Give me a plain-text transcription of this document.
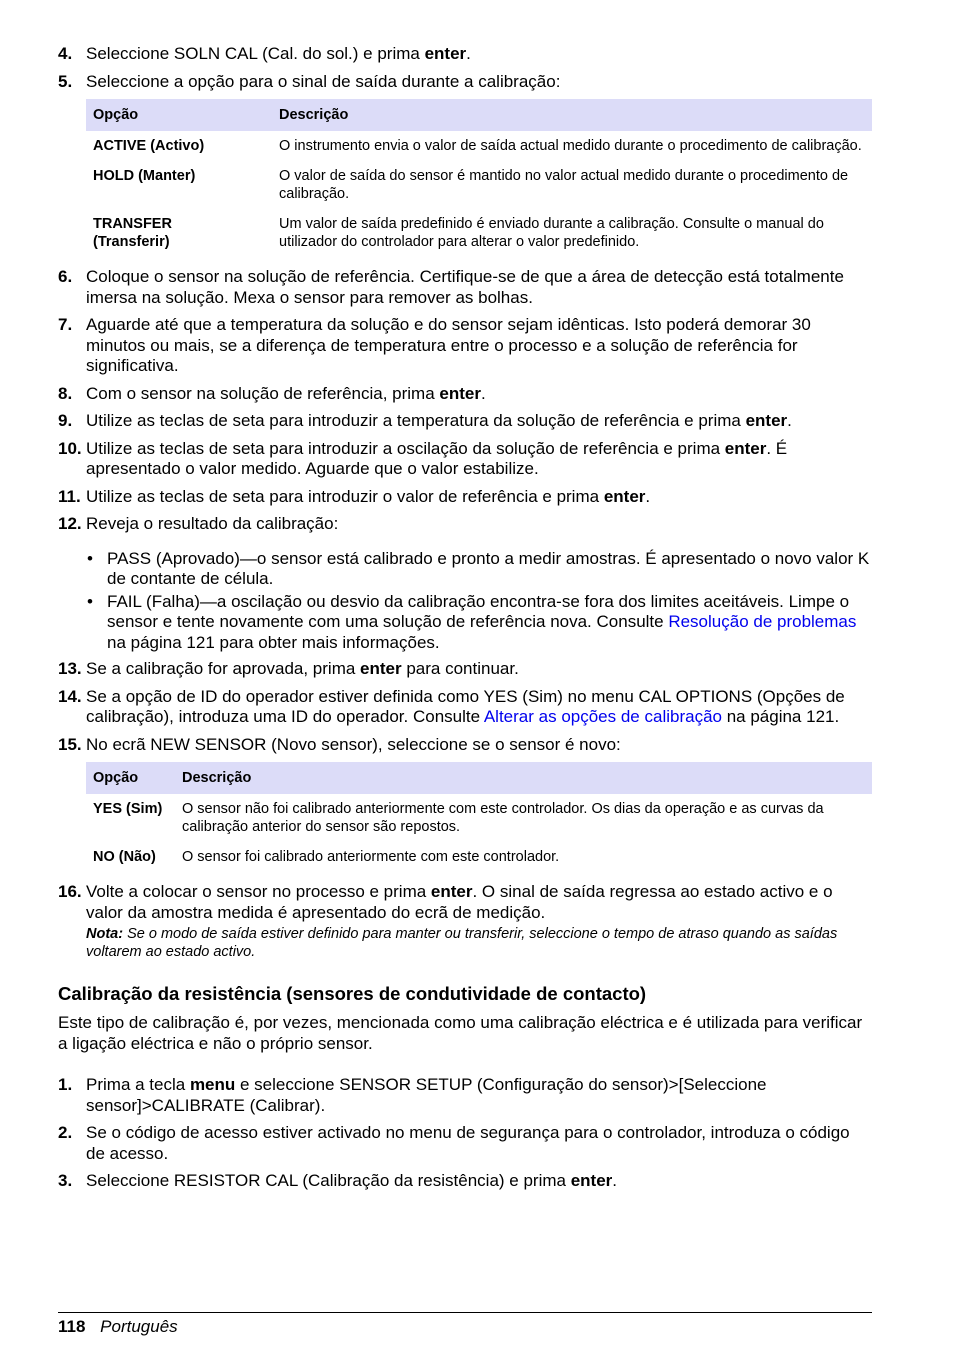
4. Seleccione SOLN CAL (Cal. do sol.) e prima enter.
5. Seleccione a opção para o sinal de saída durante a calibração:
Opção	Descrição
ACTIVE (Activo)	O instrumento envia o valor de saída actual medido durante o procedimento de calibração.
HOLD (Manter)	O valor de saída do sensor é mantido no valor actual medido durante o procedimento de calibração.
TRANSFER (Transferir)	Um valor de saída predefinido é enviado durante a calibração. Consulte o manual do utilizador do controlador para alterar o valor predefinido.
6. Coloque o sensor na solução de referência. Certifique-se de que a área de detecção está totalmente imersa na solução. Mexa o sensor para remover as bolhas.
7. Aguarde até que a temperatura da solução e do sensor sejam idênticas. Isto poderá demorar 30 minutos ou mais, se a diferença de temperatura entre o processo e a solução de referência for significativa.
8. Com o sensor na solução de referência, prima enter.
9. Utilize as teclas de seta para introduzir a temperatura da solução de referência e prima enter.
10. Utilize as teclas de seta para introduzir a oscilação da solução de referência e prima enter. É apresentado o valor medido. Aguarde que o valor estabilize.
11. Utilize as teclas de seta para introduzir o valor de referência e prima enter.
12. Reveja o resultado da calibração:
• PASS (Aprovado)—o sensor está calibrado e pronto a medir amostras. É apresentado o novo valor K de contante de célula.
• FAIL (Falha)—a oscilação ou desvio da calibração encontra-se fora dos limites aceitáveis. Limpe o sensor e tente novamente com uma solução de referência nova. Consulte Resolução de problemas na página 121 para obter mais informações.
13. Se a calibração for aprovada, prima enter para continuar.
14. Se a opção de ID do operador estiver definida como YES (Sim) no menu CAL OPTIONS (Opções de calibração), introduza uma ID do operador. Consulte Alterar as opções de calibração na página 121.
15. No ecrã NEW SENSOR (Novo sensor), seleccione se o sensor é novo:
Opção	Descrição
YES (Sim)	O sensor não foi calibrado anteriormente com este controlador. Os dias da operação e as curvas da calibração anterior do sensor são repostos.
NO (Não)	O sensor foi calibrado anteriormente com este controlador.
16. Volte a colocar o sensor no processo e prima enter. O sinal de saída regressa ao estado activo e o valor da amostra medida é apresentado do ecrã de medição.
Nota: Se o modo de saída estiver definido para manter ou transferir, seleccione o tempo de atraso quando as saídas voltarem ao estado activo.
Calibração da resistência (sensores de condutividade de contacto)
Este tipo de calibração é, por vezes, mencionada como uma calibração eléctrica e é utilizada para verificar a ligação eléctrica e não o próprio sensor.
1. Prima a tecla menu e seleccione SENSOR SETUP (Configuração do sensor)>[Seleccione sensor]>CALIBRATE (Calibrar).
2. Se o código de acesso estiver activado no menu de segurança para o controlador, introduza o código de acesso.
3. Seleccione RESISTOR CAL (Calibração da resistência) e prima enter.
118 Português
